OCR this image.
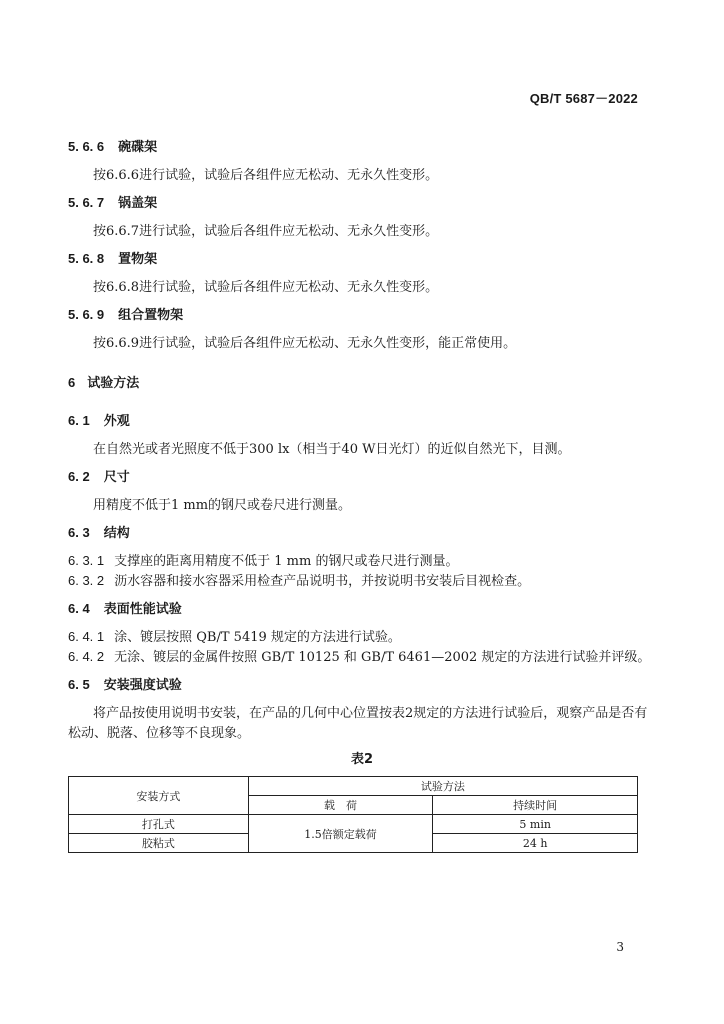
QB/T 5687－2022
5. 6. 6 碗碟架
按6.6.6进行试验，试验后各组件应无松动、无永久性变形。
5. 6. 7 锅盖架
按6.6.7进行试验，试验后各组件应无松动、无永久性变形。
5. 6. 8 置物架
按6.6.8进行试验，试验后各组件应无松动、无永久性变形。
5. 6. 9 组合置物架
按6.6.9进行试验，试验后各组件应无松动、无永久性变形，能正常使用。
6 试验方法
6. 1 外观
在自然光或者光照度不低于300 lx（相当于40 W日光灯）的近似自然光下，目测。
6. 2 尺寸
用精度不低于1 mm的钢尺或卷尺进行测量。
6. 3 结构
6. 3. 1 支撑座的距离用精度不低于 1 mm 的钢尺或卷尺进行测量。
6. 3. 2 沥水容器和接水容器采用检查产品说明书，并按说明书安装后目视检查。
6. 4 表面性能试验
6. 4. 1 涂、镀层按照 QB/T 5419 规定的方法进行试验。
6. 4. 2 无涂、镀层的金属件按照 GB/T 10125 和 GB/T 6461—2002 规定的方法进行试验并评级。
6. 5 安装强度试验
将产品按使用说明书安装，在产品的几何中心位置按表2规定的方法进行试验后，观察产品是否有
松动、脱落、位移等不良现象。
表2
安装方式	试验方法	
	载　荷	持续时间
打孔式	1.5倍额定载荷	5 min
胶粘式		24 h
3
